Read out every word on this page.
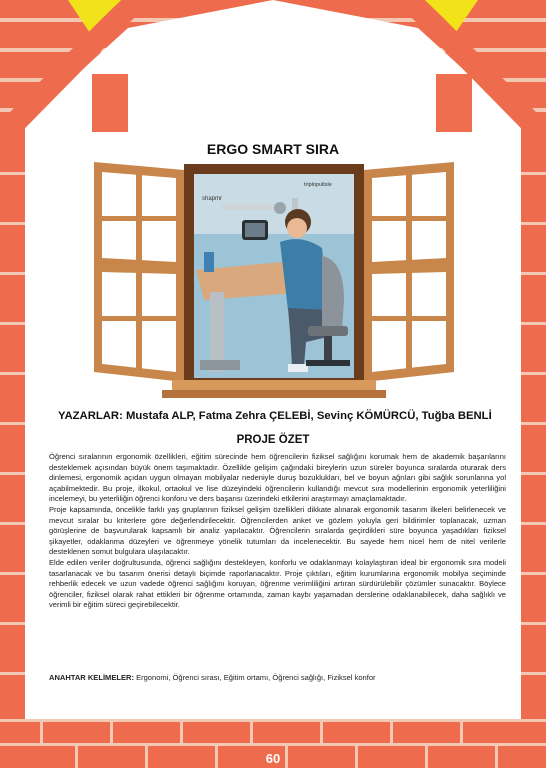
ERGO SMART SIRA
shapmr
triplopultsle
YAZARLAR: Mustafa ALP, Fatma Zehra ÇELEBİ, Sevinç KÖMÜRCÜ, Tuğba BENLİ
PROJE ÖZET

Öğrenci sıralarının ergonomik özellikleri, eğitim sürecinde hem öğrencilerin fiziksel sağlığını korumak hem de akademik başarılarını desteklemek açısından büyük önem taşımaktadır. Özellikle gelişim çağındaki bireylerin uzun süreler boyunca sıralarda oturarak ders dinlemesi, ergonomik açıdan uygun olmayan mobilyalar nedeniyle duruş bozuklukları, bel ve boyun ağrıları gibi sağlık sorunlarına yol açabilmektedir. Bu proje, ilkokul, ortaokul ve lise düzeyindeki öğrencilerin kullandığı mevcut sıra modellerinin ergonomik yeterliliğini incelemeyi, bu yeterliliğin öğrenci konforu ve ders başarısı üzerindeki etkilerini araştırmayı amaçlamaktadır.

Proje kapsamında, öncelikle farklı yaş gruplarının fiziksel gelişim özellikleri dikkate alınarak ergonomik tasarım ilkeleri belirlenecek ve mevcut sıralar bu kriterlere göre değerlendirilecektir. Öğrencilerden anket ve gözlem yoluyla geri bildirimler toplanacak, uzman görüşlerine de başvurularak kapsamlı bir analiz yapılacaktır. Öğrencilerin sıralarda geçirdikleri süre boyunca yaşadıkları fiziksel şikayetler, odaklanma düzeyleri ve öğrenmeye yönelik tutumları da incelenecektir. Bu sayede hem nicel hem de nitel verilerle desteklenen somut bulgulara ulaşılacaktır.

Elde edilen veriler doğrultusunda, öğrenci sağlığını destekleyen, konforlu ve odaklanmayı kolaylaştıran ideal bir ergonomik sıra modeli tasarlanacak ve bu tasarım önerisi detaylı biçimde raporlanacaktır. Proje çıktıları, eğitim kurumlarına ergonomik mobilya seçiminde rehberlik edecek ve uzun vadede öğrenci sağlığını koruyan, öğrenme verimliliğini artıran sürdürülebilir çözümler sunacaktır. Böylece öğrenciler, fiziksel olarak rahat ettikleri bir öğrenme ortamında, zaman kaybı yaşamadan derslerine odaklanabilecek, daha sağlıklı ve verimli bir eğitim süreci geçirebilecektir.

ANAHTAR KELİMELER: Ergonomi, Öğrenci sırası, Eğitim ortamı, Öğrenci sağlığı, Fiziksel konfor
60
